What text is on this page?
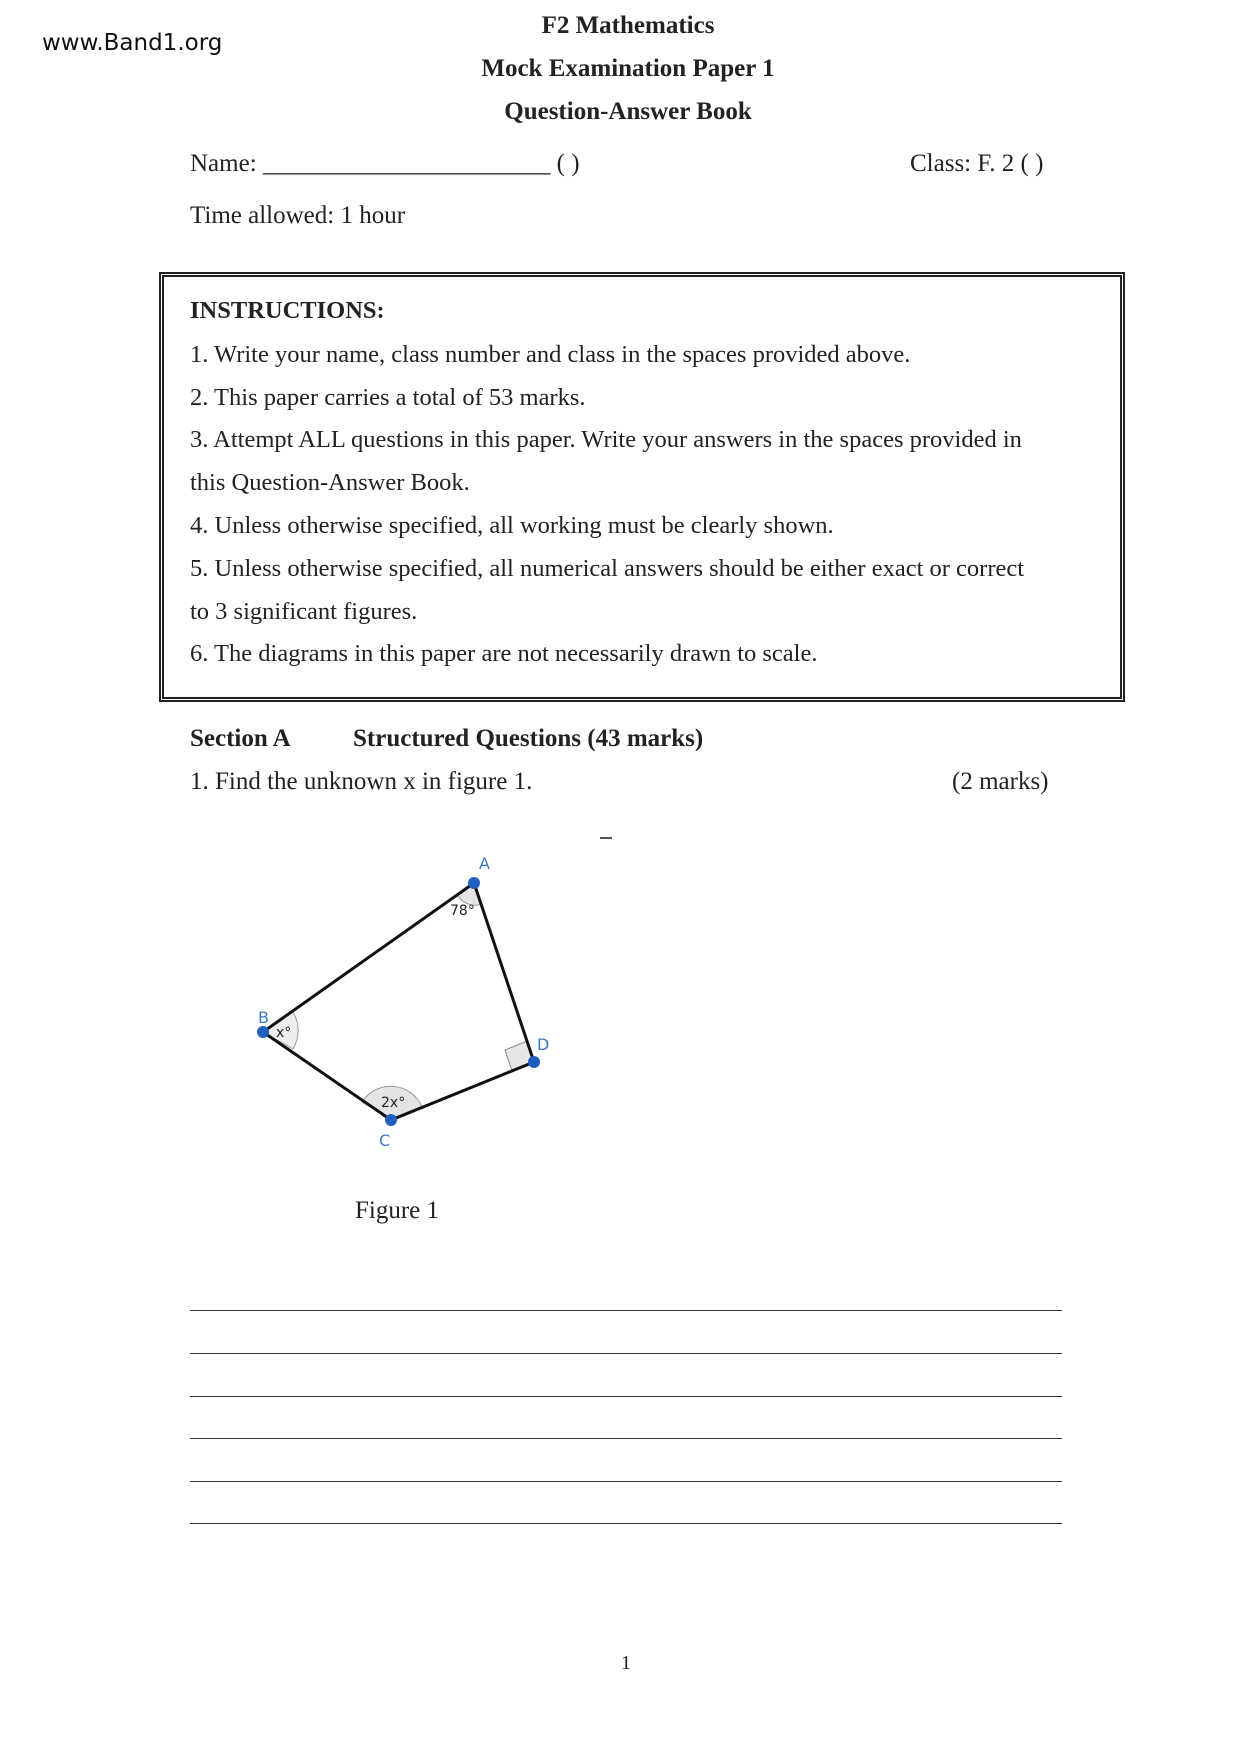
www.Band1.org
F2 Mathematics
Mock Examination Paper 1
Question-Answer Book
Name: _______________________ ( )	Class: F. 2 ( )
Time allowed: 1 hour
INSTRUCTIONS:
1. Write your name, class number and class in the spaces provided above.
2. This paper carries a total of 53 marks.
3. Attempt ALL questions in this paper. Write your answers in the spaces provided in
this Question-Answer Book.
4. Unless otherwise specified, all working must be clearly shown.
5. Unless otherwise specified, all numerical answers should be either exact or correct
to 3 significant figures.
6. The diagrams in this paper are not necessarily drawn to scale.
Section A Structured Questions (43 marks)
1. Find the unknown x in figure 1.	(2 marks)
A
B
C
D
78°
x°
2x°
Figure 1
1
